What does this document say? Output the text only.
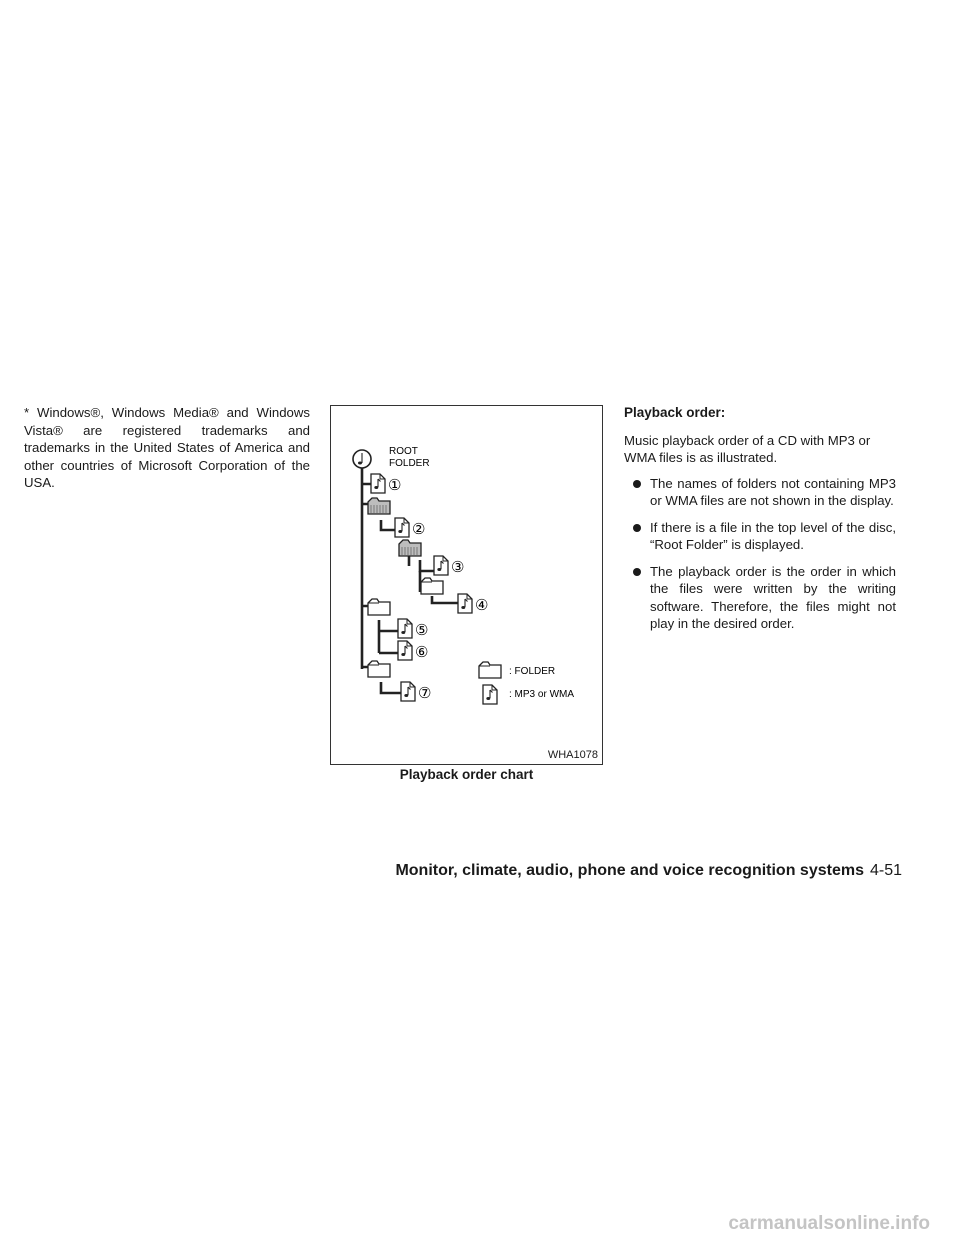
* Windows®, Windows Media® and Windows Vista® are registered trademarks and trademarks in the United States of America and other countries of Microsoft Corporation of the USA.

ROOT
FOLDER
①
②
③
④
⑤
⑥
⑦
: FOLDER
: MP3 or WMA
WHA1078
Playback order chart
Playback order:

Music playback order of a CD with MP3 or WMA files is as illustrated.

The names of folders not containing MP3 or WMA files are not shown in the display.
If there is a file in the top level of the disc, “Root Folder” is displayed.
The playback order is the order in which the files were written by the writing software. Therefore, the files might not play in the desired order.
Monitor, climate, audio, phone and voice recognition systems 4-51
carmanualsonline.info
